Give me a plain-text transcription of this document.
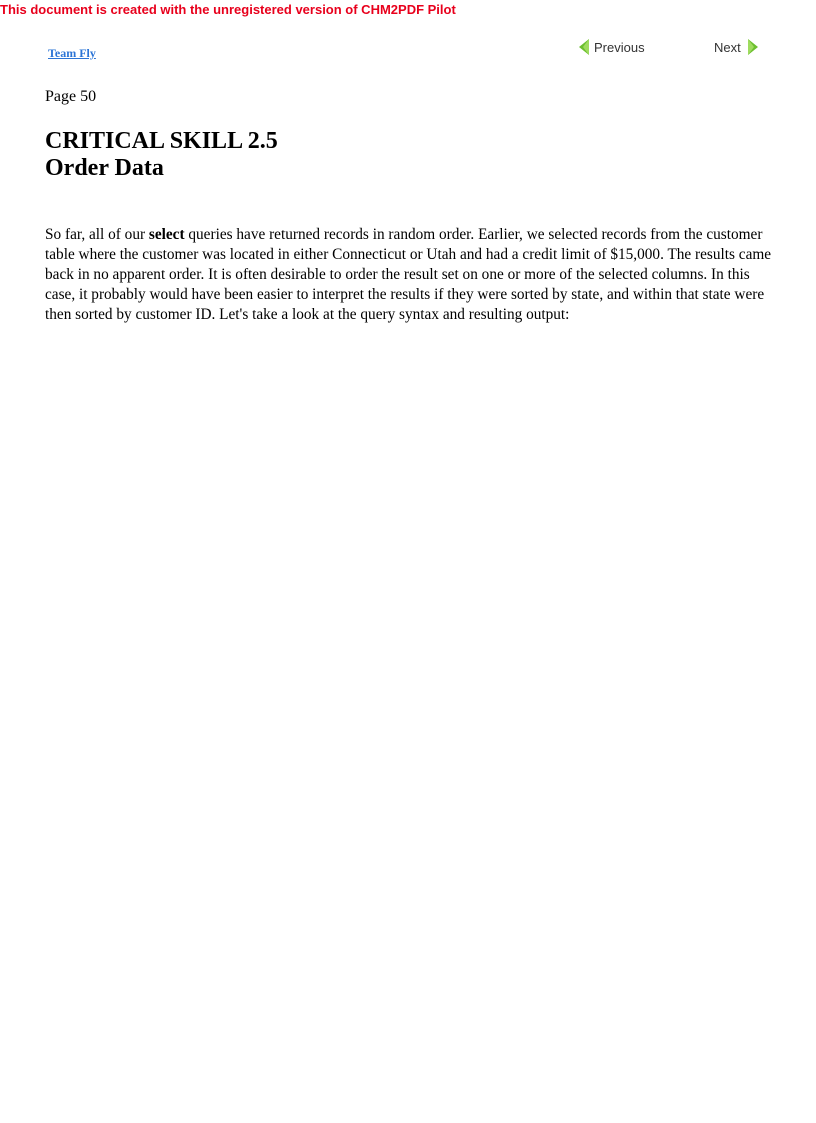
This document is created with the unregistered version of CHM2PDF Pilot
Team Fly	Previous	Next
Page 50
CRITICAL SKILL 2.5
Order Data

So far, all of our select queries have returned records in random order. Earlier, we selected records from the customer table where the customer was located in either Connecticut or Utah and had a credit limit of $15,000. The results came back in no apparent order. It is often desirable to order the result set on one or more of the selected columns. In this case, it probably would have been easier to interpret the results if they were sorted by state, and within that state were then sorted by customer ID. Let's take a look at the query syntax and resulting output:
